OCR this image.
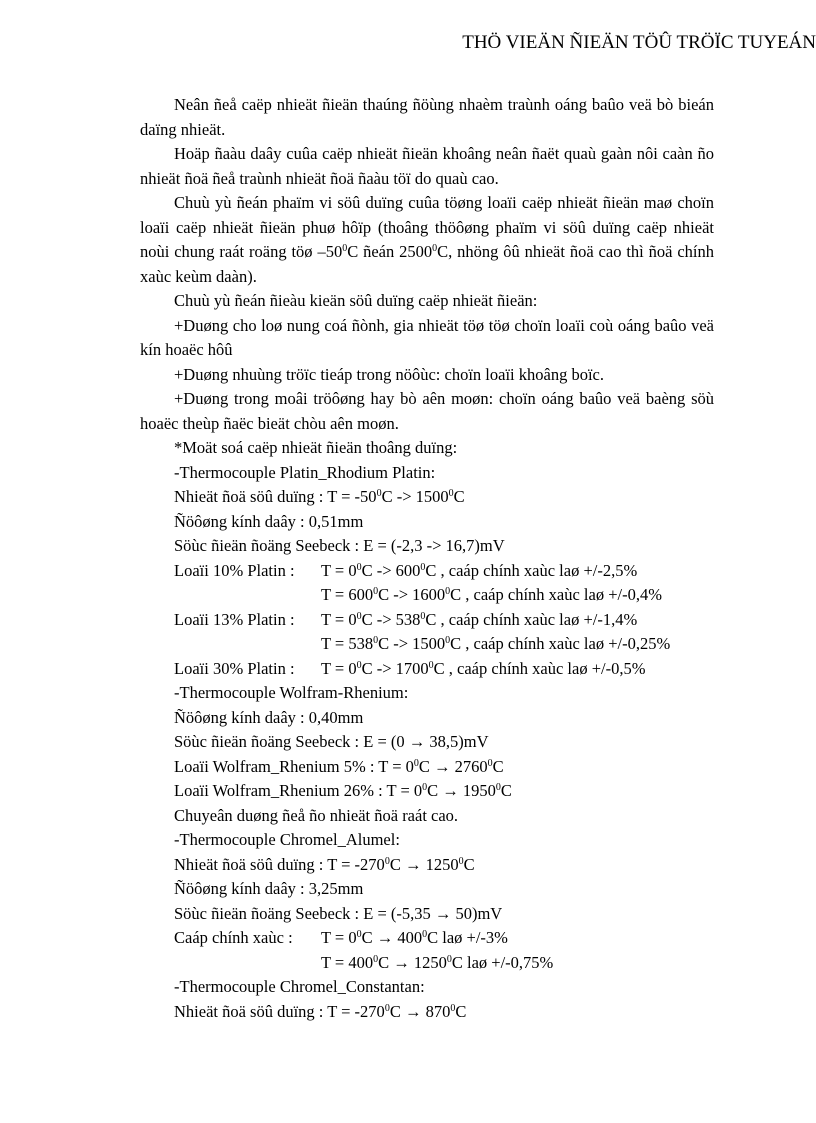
THÖ VIEÄN ÑIEÄN TÖÛ TRÖÏC TUYEÁN

Neân ñeå caëp nhieät ñieän thaúng ñöùng nhaèm traùnh oáng baûo veä bò bieán daïng nhieät.

Hoäp ñaàu daây cuûa caëp nhieät ñieän khoâng neân ñaët quaù gaàn nôi caàn ño nhieät ñoä ñeå traùnh nhieät ñoä ñaàu töï do quaù cao.

Chuù yù ñeán phaïm vi söû duïng cuûa töøng loaïi caëp nhieät ñieän maø choïn loaïi caëp nhieät ñieän phuø hôïp (thoâng thöôøng phaïm vi söû duïng caëp nhieät noùi chung raát roäng töø $-50^0C$ ñeán 2500$^0$C, nhöng ôû nhieät ñoä cao thì ñoä chính xaùc keùm daàn).

Chuù yù ñeán ñieàu kieän söû duïng caëp nhieät ñieän:

+Duøng cho loø nung coá ñònh, gia nhieät töø töø choïn loaïi coù oáng baûo veä kín hoaëc hôû

+Duøng nhuùng tröïc tieáp trong nöôùc: choïn loaïi khoâng boïc.

+Duøng trong moâi tröôøng hay bò aên moøn: choïn oáng baûo veä baèng söù hoaëc theùp ñaëc bieät chòu aên moøn.

*Moät soá caëp nhieät ñieän thoâng duïng:

-Thermocouple Platin_Rhodium Platin:

Nhieät ñoä söû duïng : $T = -50^0C -> 1500^0C$

Ñöôøng kính daây : 0,51mm

Söùc ñieän ñoäng Seebeck : E = (-2,3 -> 16,7)mV

Loaïi 10% Platin :	$T = 0^0C -> 600^0C$ , caáp chính xaùc laø +/-2,5%
$T = 600^0C -> 1600^0C$ , caáp chính xaùc laø +/-0,4%
Loaïi 13% Platin :	$T = 0^0C -> 538^0C$ , caáp chính xaùc laø +/-1,4%
$T = 538^0C -> 1500^0C$ , caáp chính xaùc laø +/-0,25%
Loaïi 30% Platin :	$T = 0^0C -> 1700^0C$ , caáp chính xaùc laø +/-0,5%

-Thermocouple Wolfram-Rhenium:

Ñöôøng kính daây : 0,40mm

Söùc ñieän ñoäng Seebeck : E = (0 → 38,5)mV

Loaïi Wolfram_Rhenium 5% : $T = 0^0C \to 2760^0C$

Loaïi Wolfram_Rhenium 26% : $T = 0^0C \to 1950^0C$

Chuyeân duøng ñeå ño nhieät ñoä raát cao.

-Thermocouple Chromel_Alumel:

Nhieät ñoä söû duïng : $T = -270^0C \to 1250^0C$

Ñöôøng kính daây : 3,25mm

Söùc ñieän ñoäng Seebeck : E = (-5,35 → 50)mV

Caáp chính xaùc :	$T = 0^0C \to 400^0C$ laø +/-3%
$T = 400^0C \to 1250^0C$ laø +/-0,75%

-Thermocouple Chromel_Constantan:

Nhieät ñoä söû duïng : $T = -270^0C \to 870^0C$
